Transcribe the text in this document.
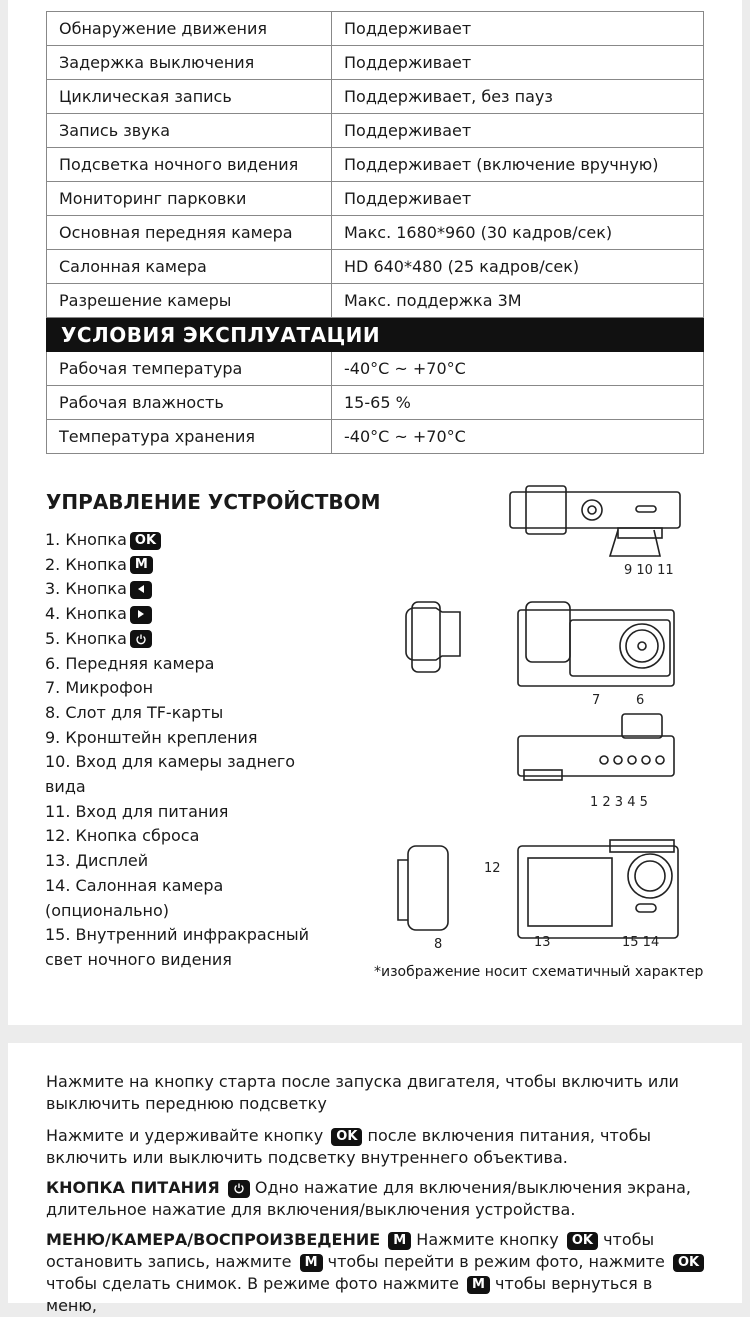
Обнаружение движения	Поддерживает
Задержка выключения	Поддерживает
Циклическая запись	Поддерживает, без пауз
Запись звука	Поддерживает
Подсветка ночного видения	Поддерживает (включение вручную)
Мониторинг парковки	Поддерживает
Основная передняя камера	Макс. 1680*960 (30 кадров/сек)
Салонная камера	HD 640*480 (25 кадров/сек)
Разрешение камеры	Макс. поддержка 3M
УСЛОВИЯ ЭКСПЛУАТАЦИИ	
Рабочая температура	-40°C ~ +70°C
Рабочая влажность	15-65 %
Температура хранения	-40°C ~ +70°C
УПРАВЛЕНИЕ УСТРОЙСТВОМ
1. Кнопка OK
2. Кнопка M
3. Кнопка
4. Кнопка
5. Кнопка
6. Передняя камера
7. Микрофон
8. Слот для TF-карты
9. Кронштейн крепления
10. Вход для камеры заднего вида
11. Вход для питания
12. Кнопка сброса
13. Дисплей
14. Салонная камера (опционально)
15. Внутренний инфракрасный свет ночного видения
9 10 11
7	6
1 2 3 4 5
12
8	13	15 14
*изображение носит схематичный характер
Нажмите на кнопку старта после запуска двигателя, чтобы включить или выключить переднюю подсветку
Нажмите и удерживайте кнопку OK после включения питания, чтобы включить или выключить подсветку внутреннего объектива.
КНОПКА ПИТАНИЯ Одно нажатие для включения/выключения экрана, длительное нажатие для включения/выключения устройства.
МЕНЮ/КАМЕРА/ВОСПРОИЗВЕДЕНИЕ M Нажмите кнопку OK чтобы остановить запись, нажмите M чтобы перейти в режим фото, нажмите OK чтобы сделать снимок. В режиме фото нажмите M чтобы вернуться в меню,
